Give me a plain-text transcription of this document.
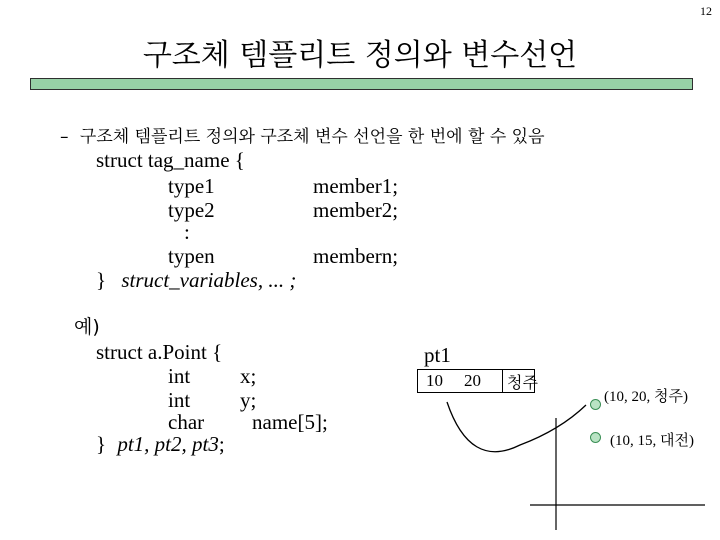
12
구조체 템플리트 정의와 변수선언
– 구조체 템플리트 정의와 구조체 변수 선언을 한 번에 할 수 있음
struct tag_name {
type1	member1;
type2	member2;
:
typen	membern;
} struct_variables, ... ;
예)
struct a.Point {
int x;
int y;
char name[5];
} pt1, pt2, pt3;
pt1
10	20	청주
(10, 20, 청주)
(10, 15, 대전)
